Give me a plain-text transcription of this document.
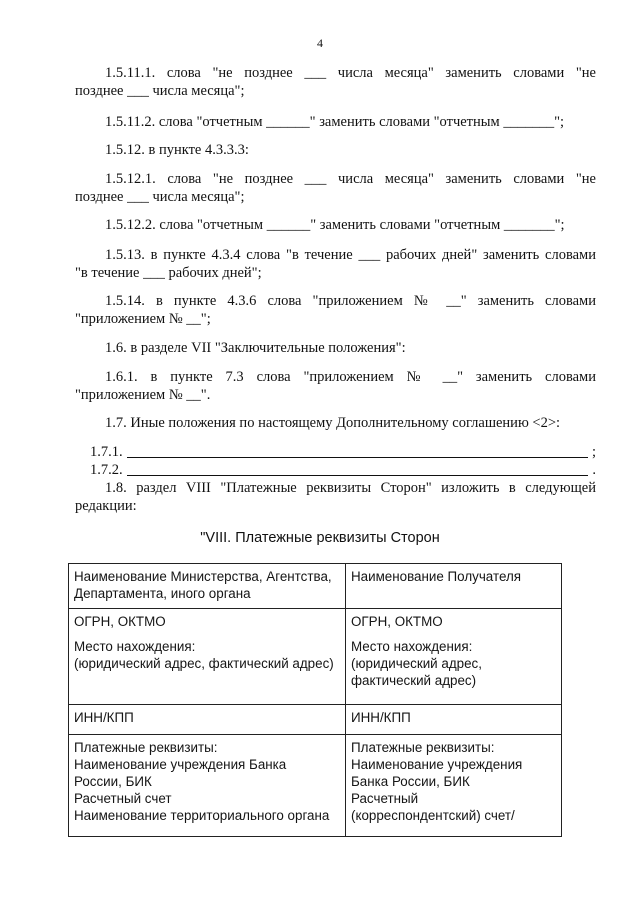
4
1.5.11.1. слова "не позднее ___ числа месяца" заменить словами "не
позднее ___ числа месяца";
1.5.11.2. слова "отчетным ______" заменить словами "отчетным _______";
1.5.12. в пункте 4.3.3.3:
1.5.12.1. слова "не позднее ___ числа месяца" заменить словами "не
позднее ___ числа месяца";
1.5.12.2. слова "отчетным ______" заменить словами "отчетным _______";
1.5.13. в пункте 4.3.4 слова "в течение ___ рабочих дней" заменить словами
"в течение ___ рабочих дней";
1.5.14. в пункте 4.3.6 слова "приложением № __" заменить словами
"приложением № __";
1.6. в разделе VII "Заключительные положения":
1.6.1. в пункте 7.3 слова "приложением № __" заменить словами
"приложением № __".
1.7. Иные положения по настоящему Дополнительному соглашению <2>:
1.7.1.	;
1.7.2.	.
1.8. раздел VIII "Платежные реквизиты Сторон" изложить в следующей
редакции:
"VIII. Платежные реквизиты Сторон
Наименование Министерства, Агентства,
Департамента, иного органа	Наименование Получателя

ОГРН, ОКТМО
Место нахождения:
(юридический адрес, фактический адрес)	ОГРН, ОКТМО
Место нахождения:
(юридический адрес,
фактический адрес)

ИНН/КПП	ИНН/КПП

Платежные реквизиты:
Наименование учреждения Банка
России, БИК
Расчетный счет
Наименование территориального органа	Платежные реквизиты:
Наименование учреждения
Банка России, БИК
Расчетный
(корреспондентский) счет/
